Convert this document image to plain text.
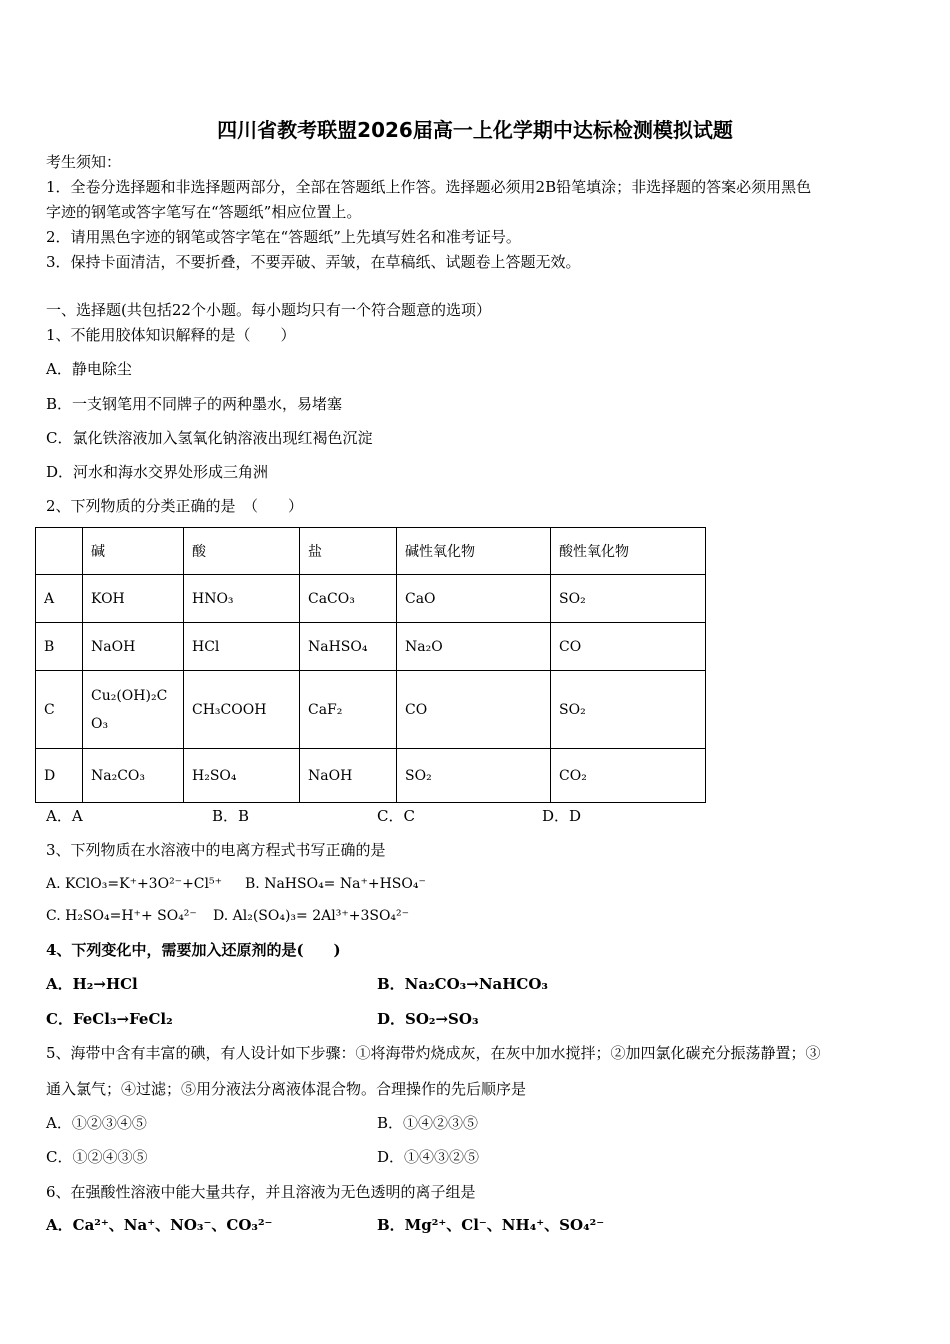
四川省教考联盟2026届高一上化学期中达标检测模拟试题
考生须知：
1．全卷分选择题和非选择题两部分，全部在答题纸上作答。选择题必须用2B铅笔填涂；非选择题的答案必须用黑色
字迹的钢笔或答字笔写在“答题纸”相应位置上。
2．请用黑色字迹的钢笔或答字笔在“答题纸”上先填写姓名和准考证号。
3．保持卡面清洁，不要折叠，不要弄破、弄皱，在草稿纸、试题卷上答题无效。
一、选择题(共包括22个小题。每小题均只有一个符合题意的选项）
1、不能用胶体知识解释的是（　　）
A．静电除尘
B．一支钢笔用不同牌子的两种墨水，易堵塞
C．氯化铁溶液加入氢氧化钠溶液出现红褐色沉淀
D．河水和海水交界处形成三角洲
2、下列物质的分类正确的是　（　　）
	碱	酸	盐	碱性氧化物	酸性氧化物
A	KOH	HNO₃	CaCO₃	CaO	SO₂
B	NaOH	HCl	NaHSO₄	Na₂O	CO
C	Cu₂(OH)₂CO₃	CH₃COOH	CaF₂	CO	SO₂
D	Na₂CO₃	H₂SO₄	NaOH	SO₂	CO₂
A．A	B．B	C．C	D．D
3、下列物质在水溶液中的电离方程式书写正确的是
A. KClO₃=K⁺+3O²⁻+Cl⁵⁺ B. NaHSO₄= Na⁺+HSO₄⁻
C. H₂SO₄=H⁺+ SO₄²⁻ D. Al₂(SO₄)₃= 2Al³⁺+3SO₄²⁻
4、下列变化中，需要加入还原剂的是(　　)
A．H₂→HCl	B．Na₂CO₃→NaHCO₃
C．FeCl₃→FeCl₂	D．SO₂→SO₃
5、海带中含有丰富的碘，有人设计如下步骤：①将海带灼烧成灰，在灰中加水搅拌；②加四氯化碳充分振荡静置；③
通入氯气；④过滤；⑤用分液法分离液体混合物。合理操作的先后顺序是
A．①②③④⑤	B．①④②③⑤
C．①②④③⑤	D．①④③②⑤
6、在强酸性溶液中能大量共存，并且溶液为无色透明的离子组是
A．Ca²⁺、Na⁺、NO₃⁻、CO₃²⁻	B．Mg²⁺、Cl⁻、NH₄⁺、SO₄²⁻
